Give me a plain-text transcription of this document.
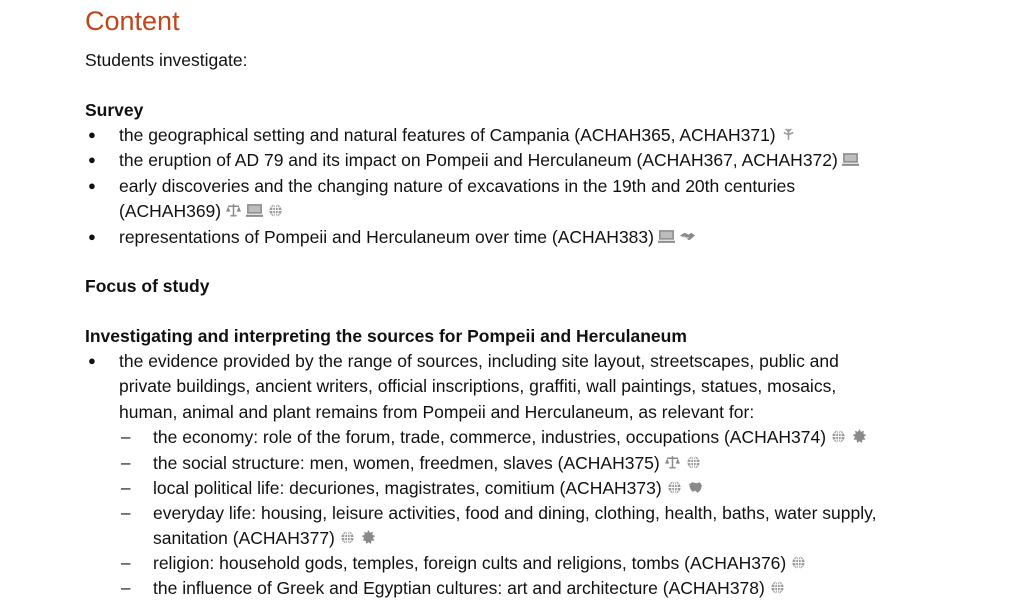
Content
Students investigate:
Survey
● the geographical setting and natural features of Campania (ACHAH365, ACHAH371)
● the eruption of AD 79 and its impact on Pompeii and Herculaneum (ACHAH367, ACHAH372)
● early discoveries and the changing nature of excavations in the 19th and 20th centuries
(ACHAH369)
● representations of Pompeii and Herculaneum over time (ACHAH383)
Focus of study
Investigating and interpreting the sources for Pompeii and Herculaneum
● the evidence provided by the range of sources, including site layout, streetscapes, public and
private buildings, ancient writers, official inscriptions, graffiti, wall paintings, statues, mosaics,
human, animal and plant remains from Pompeii and Herculaneum, as relevant for:
– the economy: role of the forum, trade, commerce, industries, occupations (ACHAH374)
– the social structure: men, women, freedmen, slaves (ACHAH375)
– local political life: decuriones, magistrates, comitium (ACHAH373)
– everyday life: housing, leisure activities, food and dining, clothing, health, baths, water supply,
sanitation (ACHAH377)
– religion: household gods, temples, foreign cults and religions, tombs (ACHAH376)
– the influence of Greek and Egyptian cultures: art and architecture (ACHAH378)
